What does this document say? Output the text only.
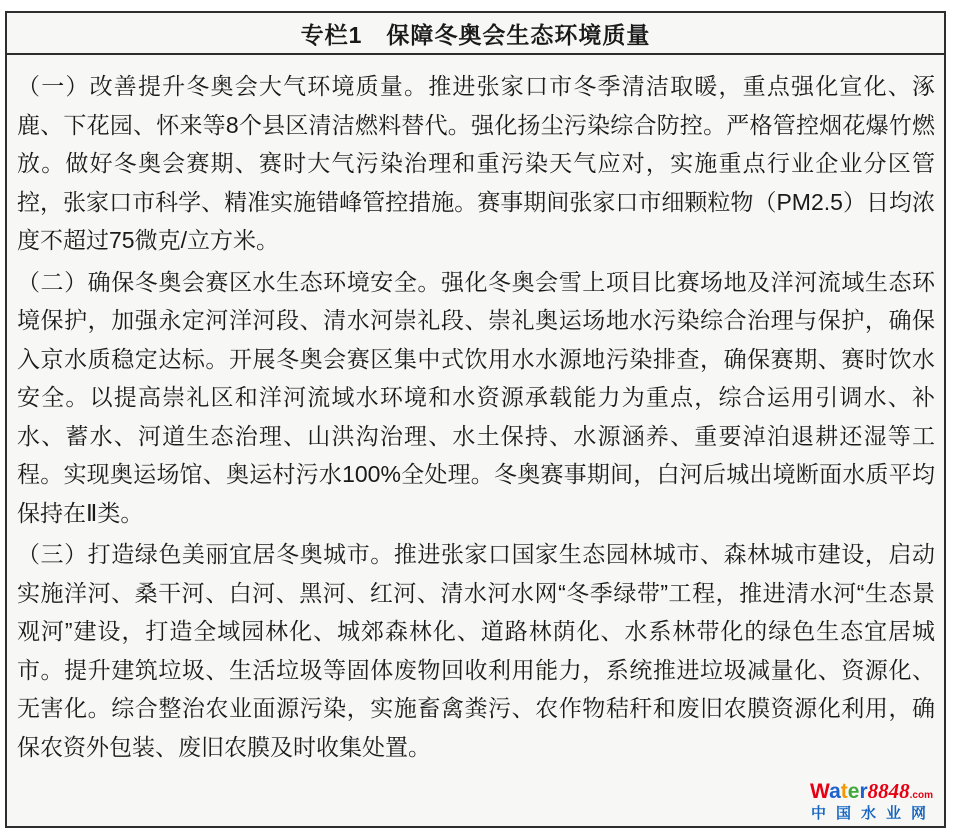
专栏1　保障冬奥会生态环境质量

（一）改善提升冬奥会大气环境质量。推进张家口市冬季清洁取暖，重点强化宣化、涿鹿、下花园、怀来等8个县区清洁燃料替代。强化扬尘污染综合防控。严格管控烟花爆竹燃放。做好冬奥会赛期、赛时大气污染治理和重污染天气应对，实施重点行业企业分区管控，张家口市科学、精准实施错峰管控措施。赛事期间张家口市细颗粒物（PM2.5）日均浓度不超过75微克/立方米。

（二）确保冬奥会赛区水生态环境安全。强化冬奥会雪上项目比赛场地及洋河流域生态环境保护，加强永定河洋河段、清水河崇礼段、崇礼奥运场地水污染综合治理与保护，确保入京水质稳定达标。开展冬奥会赛区集中式饮用水水源地污染排查，确保赛期、赛时饮水安全。以提高崇礼区和洋河流域水环境和水资源承载能力为重点，综合运用引调水、补水、蓄水、河道生态治理、山洪沟治理、水土保持、水源涵养、重要淖泊退耕还湿等工程。实现奥运场馆、奥运村污水100%全处理。冬奥赛事期间，白河后城出境断面水质平均保持在Ⅱ类。

（三）打造绿色美丽宜居冬奥城市。推进张家口国家生态园林城市、森林城市建设，启动实施洋河、桑干河、白河、黑河、红河、清水河水网“冬季绿带”工程，推进清水河“生态景观河”建设，打造全域园林化、城郊森林化、道路林荫化、水系林带化的绿色生态宜居城市。提升建筑垃圾、生活垃圾等固体废物回收利用能力，系统推进垃圾减量化、资源化、无害化。综合整治农业面源污染，实施畜禽粪污、农作物秸秆和废旧农膜资源化利用，确保农资外包装、废旧农膜及时收集处置。

Water8848.com
中国水业网
